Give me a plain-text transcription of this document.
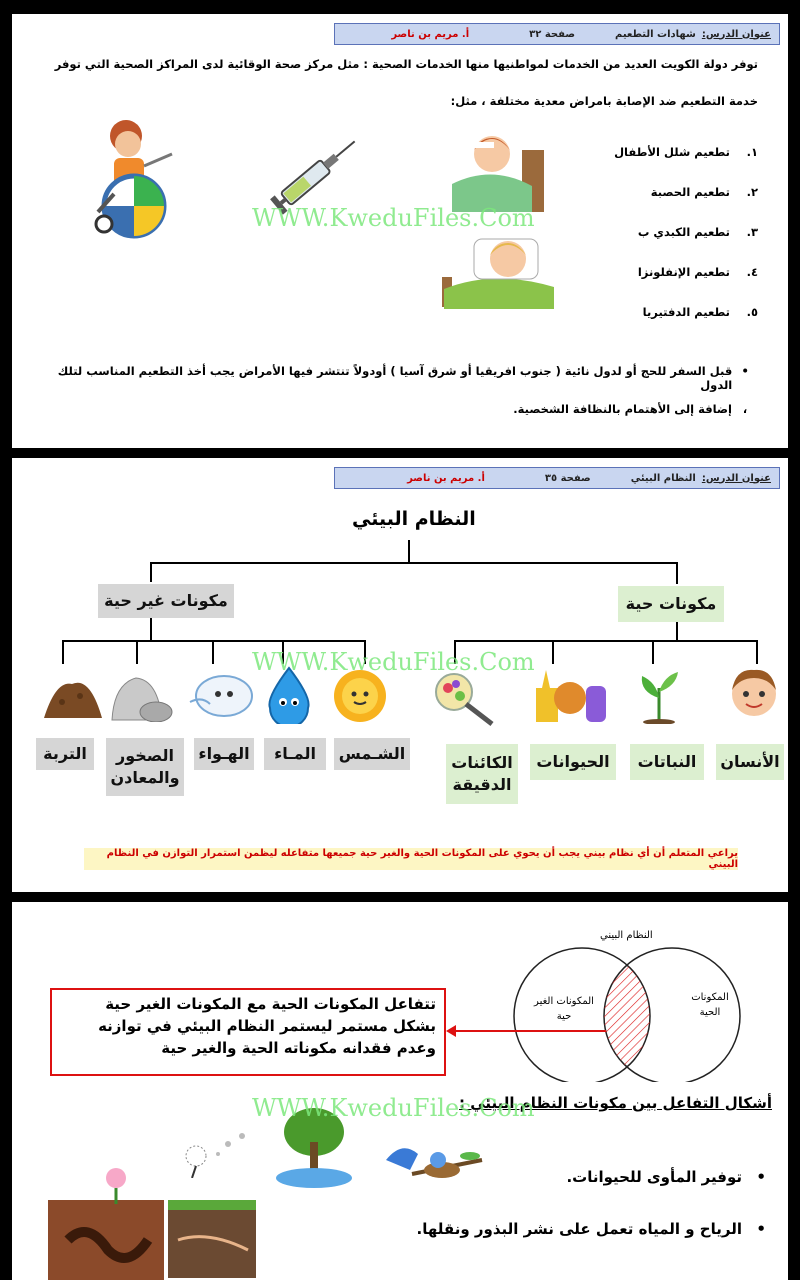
عنوان الدرس:
شهادات التطعيم
صفحة ٣٢
أ. مريم بن ناصر
توفر دولة الكويت العديد من الخدمات لمواطنيها منها الخدمات الصحية : مثل مركز صحة الوقائية لدى المراكز الصحية التي توفر
خدمة التطعيم ضد الإصابة بامراض معدية مختلفة ، مثل:
١.
تطعيم شلل الأطفال
٢.
تطعيم الحصبة
٣.
تطعيم الكبدي ب
٤.
تطعيم الإنفلونزا
٥.
تطعيم الدفتيريا
•
قبل السفر للحج أو لدول نائية ( جنوب افريقيا أو شرق آسيا ) أودولاً تنتشر فيها الأمراض يجب أخذ التطعيم المناسب لتلك الدول
،
إضافة إلى الأهتمام بالنظافة الشخصية.
WWW.KweduFiles.Com
عنوان الدرس:
النظام البيئي
صفحة ٣٥
أ. مريم بن ناصر
النظام البيئي
مكونات غير حية	مكونات حية
التربة	الصخور والمعادن
الهـواء	المـاء	الشـمس	الكائنات الدقيقة
الحيوانات	النباتات	الأنسان
يراعي المتعلم أن أي نظام بيني يجب أن يحوي على المكونات الحية والغير حية جميعها متفاعله ليظمن استمرار التوازن في النظام البيني
WWW.KweduFiles.Com
النظام البيني
المكونات الغير حية
المكونات الحية
تتفاعل المكونات الحية مع المكونات الغير حية بشكل مستمر ليستمر النظام البيئي في توازنه وعدم فقدانه مكوناته الحية والغير حية
أشكال التفاعل بين مكونات النظام البيئي :
•
توفير المأوى للحيوانات.
•
الرياح و المياه تعمل على نشر البذور ونقلها.
WWW.KweduFiles.Com
